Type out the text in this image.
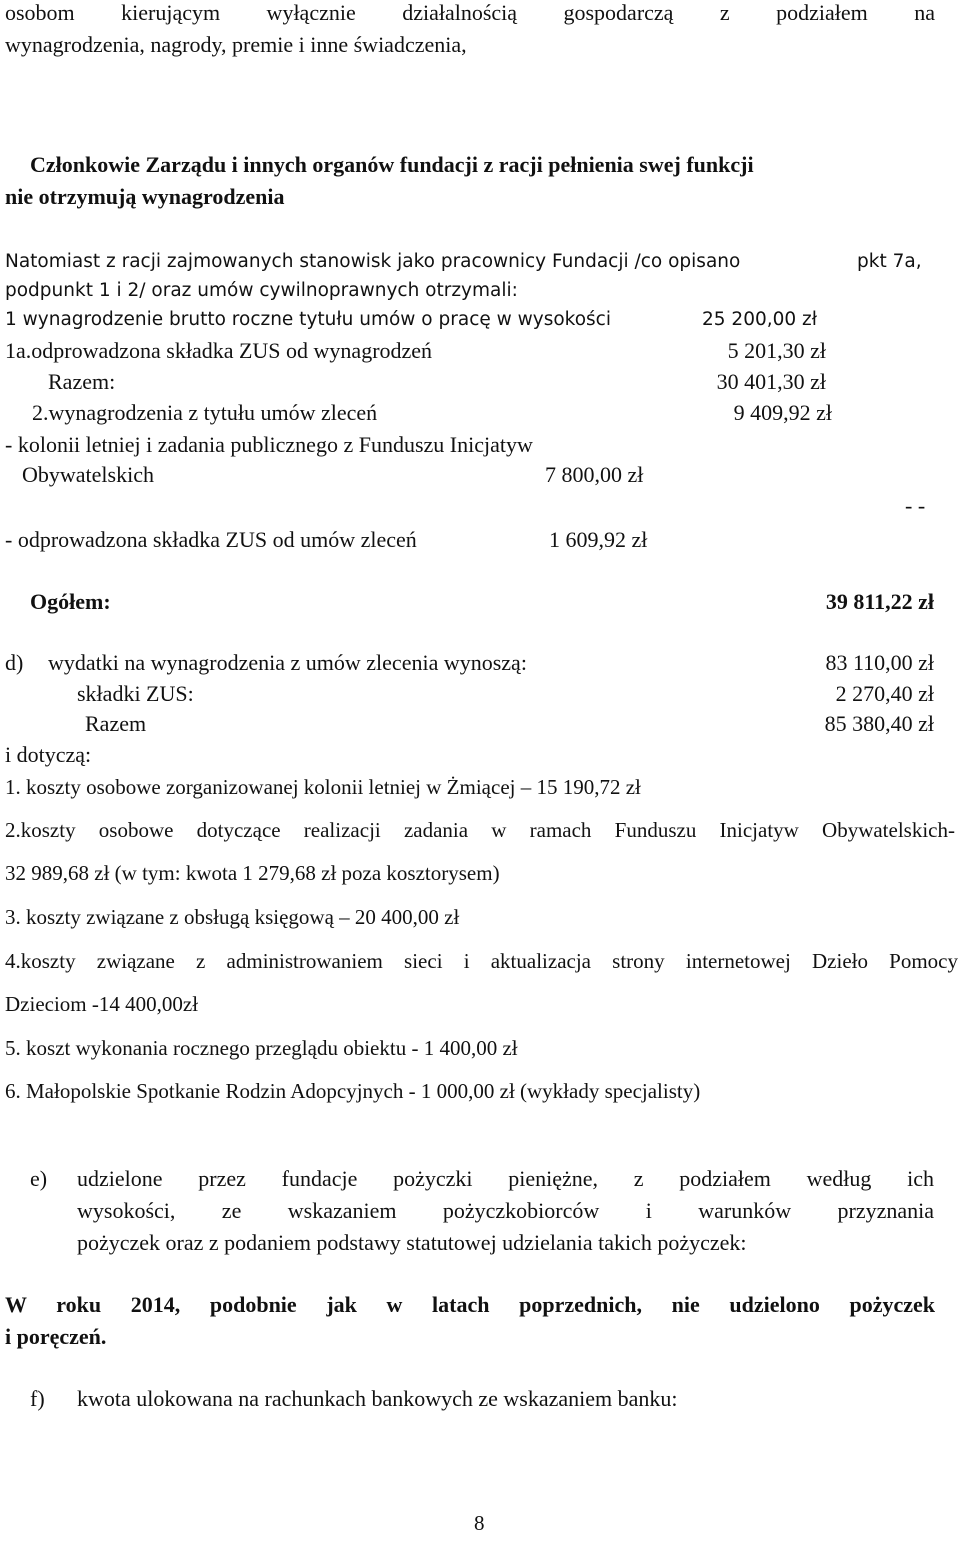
osobom kierującym wyłącznie działalnością gospodarczą z podziałem na
wynagrodzenia, nagrody, premie i inne świadczenia,
Członkowie Zarządu i innych organów fundacji z racji pełnienia swej funkcji
nie otrzymują wynagrodzenia
Natomiast z racji zajmowanych stanowisk jako pracownicy Fundacji /co opisano	pkt 7a,
podpunkt 1 i 2/ oraz umów cywilnoprawnych otrzymali:
1 wynagrodzenie brutto roczne tytułu umów o pracę w wysokości	25 200,00 zł
1a.odprowadzona składka ZUS od wynagrodzeń	5 201,30 zł
Razem:	30 401,30 zł
2.wynagrodzenia z tytułu umów zleceń	9 409,92 zł
- kolonii letniej i zadania publicznego z Funduszu Inicjatyw
Obywatelskich	7 800,00 zł
- -
- odprowadzona składka ZUS od umów zleceń	1 609,92 zł
Ogółem:	39 811,22 zł
d) wydatki na wynagrodzenia z umów zlecenia wynoszą:	83 110,00 zł
składki ZUS:	2 270,40 zł
Razem	85 380,40 zł
i dotyczą:
1. koszty osobowe zorganizowanej kolonii letniej w Żmiącej – 15 190,72 zł
2.koszty osobowe dotyczące realizacji zadania w ramach Funduszu Inicjatyw Obywatelskich-
32 989,68 zł (w tym: kwota 1 279,68 zł poza kosztorysem)
3. koszty związane z obsługą księgową – 20 400,00 zł
4.koszty związane z administrowaniem sieci i aktualizacja strony internetowej Dzieło Pomocy
Dzieciom -14 400,00zł
5. koszt wykonania rocznego przeglądu obiektu - 1 400,00 zł
6. Małopolskie Spotkanie Rodzin Adopcyjnych - 1 000,00 zł (wykłady specjalisty)
e) udzielone przez fundacje pożyczki pieniężne, z podziałem według ich
wysokości, ze wskazaniem pożyczkobiorców i warunków przyznania
pożyczek oraz z podaniem podstawy statutowej udzielania takich pożyczek:
W roku 2014, podobnie jak w latach poprzednich, nie udzielono pożyczek
i poręczeń.
f) kwota ulokowana na rachunkach bankowych ze wskazaniem banku:
8
